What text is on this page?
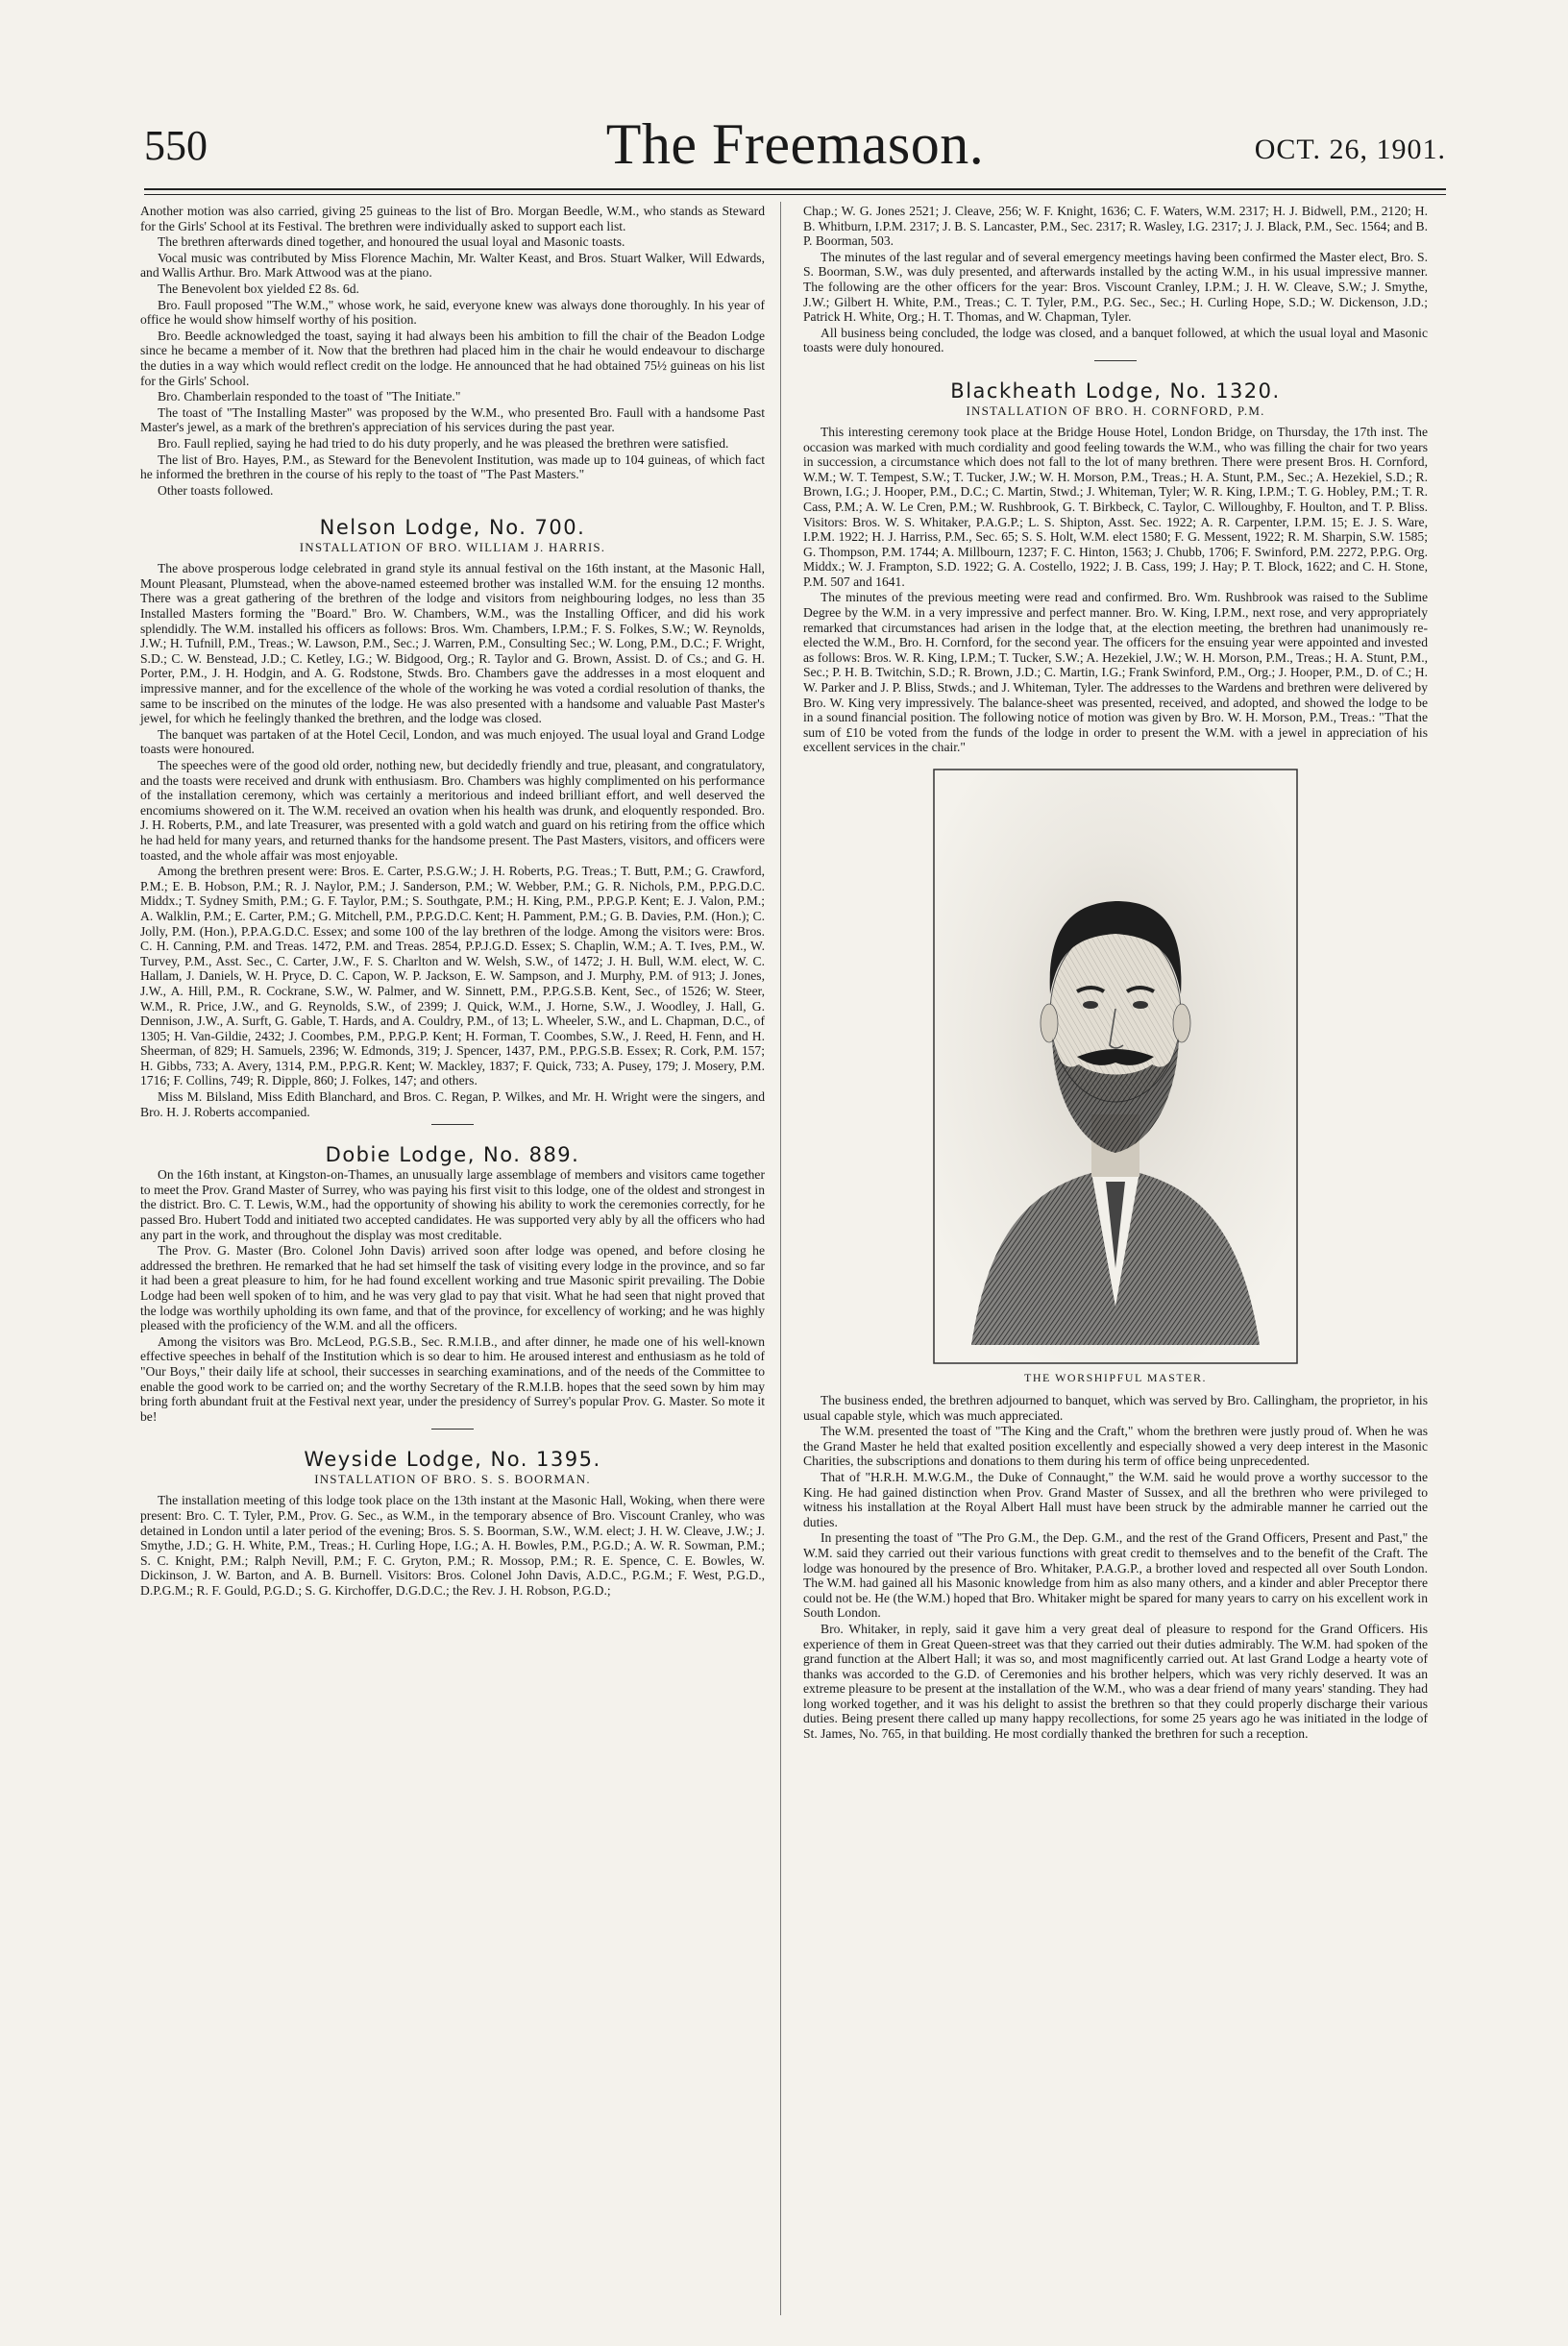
550	The Freemason.	OCT. 26, 1901.

Another motion was also carried, giving 25 guineas to the list of Bro. Morgan Beedle, W.M., who stands as Steward for the Girls' School at its Festival. The brethren were individually asked to support each list.

The brethren afterwards dined together, and honoured the usual loyal and Masonic toasts.

Vocal music was contributed by Miss Florence Machin, Mr. Walter Keast, and Bros. Stuart Walker, Will Edwards, and Wallis Arthur. Bro. Mark Attwood was at the piano.

The Benevolent box yielded £2 8s. 6d.

Bro. Faull proposed "The W.M.," whose work, he said, everyone knew was always done thoroughly. In his year of office he would show himself worthy of his position.

Bro. Beedle acknowledged the toast, saying it had always been his ambition to fill the chair of the Beadon Lodge since he became a member of it. Now that the brethren had placed him in the chair he would endeavour to discharge the duties in a way which would reflect credit on the lodge. He announced that he had obtained 75½ guineas on his list for the Girls' School.

Bro. Chamberlain responded to the toast of "The Initiate."

The toast of "The Installing Master" was proposed by the W.M., who presented Bro. Faull with a handsome Past Master's jewel, as a mark of the brethren's appreciation of his services during the past year.

Bro. Faull replied, saying he had tried to do his duty properly, and he was pleased the brethren were satisfied.

The list of Bro. Hayes, P.M., as Steward for the Benevolent Institution, was made up to 104 guineas, of which fact he informed the brethren in the course of his reply to the toast of "The Past Masters."

Other toasts followed.

Nelson Lodge, No. 700.
INSTALLATION OF BRO. WILLIAM J. HARRIS.

The above prosperous lodge celebrated in grand style its annual festival on the 16th instant, at the Masonic Hall, Mount Pleasant, Plumstead, when the above-named esteemed brother was installed W.M. for the ensuing 12 months. There was a great gathering of the brethren of the lodge and visitors from neighbouring lodges, no less than 35 Installed Masters forming the "Board." Bro. W. Chambers, W.M., was the Installing Officer, and did his work splendidly. The W.M. installed his officers as follows: Bros. Wm. Chambers, I.P.M.; F. S. Folkes, S.W.; W. Reynolds, J.W.; H. Tufnill, P.M., Treas.; W. Lawson, P.M., Sec.; J. Warren, P.M., Consulting Sec.; W. Long, P.M., D.C.; F. Wright, S.D.; C. W. Benstead, J.D.; C. Ketley, I.G.; W. Bidgood, Org.; R. Taylor and G. Brown, Assist. D. of Cs.; and G. H. Porter, P.M., J. H. Hodgin, and A. G. Rodstone, Stwds. Bro. Chambers gave the addresses in a most eloquent and impressive manner, and for the excellence of the whole of the working he was voted a cordial resolution of thanks, the same to be inscribed on the minutes of the lodge. He was also presented with a handsome and valuable Past Master's jewel, for which he feelingly thanked the brethren, and the lodge was closed.

The banquet was partaken of at the Hotel Cecil, London, and was much enjoyed. The usual loyal and Grand Lodge toasts were honoured.

The speeches were of the good old order, nothing new, but decidedly friendly and true, pleasant, and congratulatory, and the toasts were received and drunk with enthusiasm. Bro. Chambers was highly complimented on his performance of the installation ceremony, which was certainly a meritorious and indeed brilliant effort, and well deserved the encomiums showered on it. The W.M. received an ovation when his health was drunk, and eloquently responded. Bro. J. H. Roberts, P.M., and late Treasurer, was presented with a gold watch and guard on his retiring from the office which he had held for many years, and returned thanks for the handsome present. The Past Masters, visitors, and officers were toasted, and the whole affair was most enjoyable.

Among the brethren present were: Bros. E. Carter, P.S.G.W.; J. H. Roberts, P.G. Treas.; T. Butt, P.M.; G. Crawford, P.M.; E. B. Hobson, P.M.; R. J. Naylor, P.M.; J. Sanderson, P.M.; W. Webber, P.M.; G. R. Nichols, P.M., P.P.G.D.C. Middx.; T. Sydney Smith, P.M.; G. F. Taylor, P.M.; S. Southgate, P.M.; H. King, P.M., P.P.G.P. Kent; E. J. Valon, P.M.; A. Walklin, P.M.; E. Carter, P.M.; G. Mitchell, P.M., P.P.G.D.C. Kent; H. Pamment, P.M.; G. B. Davies, P.M. (Hon.); C. Jolly, P.M. (Hon.), P.P.A.G.D.C. Essex; and some 100 of the lay brethren of the lodge. Among the visitors were: Bros. C. H. Canning, P.M. and Treas. 1472, P.M. and Treas. 2854, P.P.J.G.D. Essex; S. Chaplin, W.M.; A. T. Ives, P.M., W. Turvey, P.M., Asst. Sec., C. Carter, J.W., F. S. Charlton and W. Welsh, S.W., of 1472; J. H. Bull, W.M. elect, W. C. Hallam, J. Daniels, W. H. Pryce, D. C. Capon, W. P. Jackson, E. W. Sampson, and J. Murphy, P.M. of 913; J. Jones, J.W., A. Hill, P.M., R. Cockrane, S.W., W. Palmer, and W. Sinnett, P.M., P.P.G.S.B. Kent, Sec., of 1526; W. Steer, W.M., R. Price, J.W., and G. Reynolds, S.W., of 2399; J. Quick, W.M., J. Horne, S.W., J. Woodley, J. Hall, G. Dennison, J.W., A. Surft, G. Gable, T. Hards, and A. Couldry, P.M., of 13; L. Wheeler, S.W., and L. Chapman, D.C., of 1305; H. Van-Gildie, 2432; J. Coombes, P.M., P.P.G.P. Kent; H. Forman, T. Coombes, S.W., J. Reed, H. Fenn, and H. Sheerman, of 829; H. Samuels, 2396; W. Edmonds, 319; J. Spencer, 1437, P.M., P.P.G.S.B. Essex; R. Cork, P.M. 157; H. Gibbs, 733; A. Avery, 1314, P.M., P.P.G.R. Kent; W. Mackley, 1837; F. Quick, 733; A. Pusey, 179; J. Mosery, P.M. 1716; F. Collins, 749; R. Dipple, 860; J. Folkes, 147; and others.

Miss M. Bilsland, Miss Edith Blanchard, and Bros. C. Regan, P. Wilkes, and Mr. H. Wright were the singers, and Bro. H. J. Roberts accompanied.

Dobie Lodge, No. 889.

On the 16th instant, at Kingston-on-Thames, an unusually large assemblage of members and visitors came together to meet the Prov. Grand Master of Surrey, who was paying his first visit to this lodge, one of the oldest and strongest in the district. Bro. C. T. Lewis, W.M., had the opportunity of showing his ability to work the ceremonies correctly, for he passed Bro. Hubert Todd and initiated two accepted candidates. He was supported very ably by all the officers who had any part in the work, and throughout the display was most creditable.

The Prov. G. Master (Bro. Colonel John Davis) arrived soon after lodge was opened, and before closing he addressed the brethren. He remarked that he had set himself the task of visiting every lodge in the province, and so far it had been a great pleasure to him, for he had found excellent working and true Masonic spirit prevailing. The Dobie Lodge had been well spoken of to him, and he was very glad to pay that visit. What he had seen that night proved that the lodge was worthily upholding its own fame, and that of the province, for excellency of working; and he was highly pleased with the proficiency of the W.M. and all the officers.

Among the visitors was Bro. McLeod, P.G.S.B., Sec. R.M.I.B., and after dinner, he made one of his well-known effective speeches in behalf of the Institution which is so dear to him. He aroused interest and enthusiasm as he told of "Our Boys," their daily life at school, their successes in searching examinations, and of the needs of the Committee to enable the good work to be carried on; and the worthy Secretary of the R.M.I.B. hopes that the seed sown by him may bring forth abundant fruit at the Festival next year, under the presidency of Surrey's popular Prov. G. Master. So mote it be!

Weyside Lodge, No. 1395.
INSTALLATION OF BRO. S. S. BOORMAN.

The installation meeting of this lodge took place on the 13th instant at the Masonic Hall, Woking, when there were present: Bro. C. T. Tyler, P.M., Prov. G. Sec., as W.M., in the temporary absence of Bro. Viscount Cranley, who was detained in London until a later period of the evening; Bros. S. S. Boorman, S.W., W.M. elect; J. H. W. Cleave, J.W.; J. Smythe, J.D.; G. H. White, P.M., Treas.; H. Curling Hope, I.G.; A. H. Bowles, P.M., P.G.D.; A. W. R. Sowman, P.M.; S. C. Knight, P.M.; Ralph Nevill, P.M.; F. C. Gryton, P.M.; R. Mossop, P.M.; R. E. Spence, C. E. Bowles, W. Dickinson, J. W. Barton, and A. B. Burnell. Visitors: Bros. Colonel John Davis, A.D.C., P.G.M.; F. West, P.G.D., D.P.G.M.; R. F. Gould, P.G.D.; S. G. Kirchoffer, D.G.D.C.; the Rev. J. H. Robson, P.G.D.;

Chap.; W. G. Jones 2521; J. Cleave, 256; W. F. Knight, 1636; C. F. Waters, W.M. 2317; H. J. Bidwell, P.M., 2120; H. B. Whitburn, I.P.M. 2317; J. B. S. Lancaster, P.M., Sec. 2317; R. Wasley, I.G. 2317; J. J. Black, P.M., Sec. 1564; and B. P. Boorman, 503.

The minutes of the last regular and of several emergency meetings having been confirmed the Master elect, Bro. S. S. Boorman, S.W., was duly presented, and afterwards installed by the acting W.M., in his usual impressive manner. The following are the other officers for the year: Bros. Viscount Cranley, I.P.M.; J. H. W. Cleave, S.W.; J. Smythe, J.W.; Gilbert H. White, P.M., Treas.; C. T. Tyler, P.M., P.G. Sec., Sec.; H. Curling Hope, S.D.; W. Dickenson, J.D.; Patrick H. White, Org.; H. T. Thomas, and W. Chapman, Tyler.

All business being concluded, the lodge was closed, and a banquet followed, at which the usual loyal and Masonic toasts were duly honoured.

Blackheath Lodge, No. 1320.
INSTALLATION OF BRO. H. CORNFORD, P.M.

This interesting ceremony took place at the Bridge House Hotel, London Bridge, on Thursday, the 17th inst. The occasion was marked with much cordiality and good feeling towards the W.M., who was filling the chair for two years in succession, a circumstance which does not fall to the lot of many brethren. There were present Bros. H. Cornford, W.M.; W. T. Tempest, S.W.; T. Tucker, J.W.; W. H. Morson, P.M., Treas.; H. A. Stunt, P.M., Sec.; A. Hezekiel, S.D.; R. Brown, I.G.; J. Hooper, P.M., D.C.; C. Martin, Stwd.; J. Whiteman, Tyler; W. R. King, I.P.M.; T. G. Hobley, P.M.; T. R. Cass, P.M.; A. W. Le Cren, P.M.; W. Rushbrook, G. T. Birkbeck, C. Taylor, C. Willoughby, F. Houlton, and T. P. Bliss. Visitors: Bros. W. S. Whitaker, P.A.G.P.; L. S. Shipton, Asst. Sec. 1922; A. R. Carpenter, I.P.M. 15; E. J. S. Ware, I.P.M. 1922; H. J. Harriss, P.M., Sec. 65; S. S. Holt, W.M. elect 1580; F. G. Messent, 1922; R. M. Sharpin, S.W. 1585; G. Thompson, P.M. 1744; A. Millbourn, 1237; F. C. Hinton, 1563; J. Chubb, 1706; F. Swinford, P.M. 2272, P.P.G. Org. Middx.; W. J. Frampton, S.D. 1922; G. A. Costello, 1922; J. B. Cass, 199; J. Hay; P. T. Block, 1622; and C. H. Stone, P.M. 507 and 1641.

The minutes of the previous meeting were read and confirmed. Bro. Wm. Rushbrook was raised to the Sublime Degree by the W.M. in a very impressive and perfect manner. Bro. W. King, I.P.M., next rose, and very appropriately remarked that circumstances had arisen in the lodge that, at the election meeting, the brethren had unanimously re-elected the W.M., Bro. H. Cornford, for the second year. The officers for the ensuing year were appointed and invested as follows: Bros. W. R. King, I.P.M.; T. Tucker, S.W.; A. Hezekiel, J.W.; W. H. Morson, P.M., Treas.; H. A. Stunt, P.M., Sec.; P. H. B. Twitchin, S.D.; R. Brown, J.D.; C. Martin, I.G.; Frank Swinford, P.M., Org.; J. Hooper, P.M., D. of C.; H. W. Parker and J. P. Bliss, Stwds.; and J. Whiteman, Tyler. The addresses to the Wardens and brethren were delivered by Bro. W. King very impressively. The balance-sheet was presented, received, and adopted, and showed the lodge to be in a sound financial position. The following notice of motion was given by Bro. W. H. Morson, P.M., Treas.: "That the sum of £10 be voted from the funds of the lodge in order to present the W.M. with a jewel in appreciation of his excellent services in the chair."

THE WORSHIPFUL MASTER.

The business ended, the brethren adjourned to banquet, which was served by Bro. Callingham, the proprietor, in his usual capable style, which was much appreciated.

The W.M. presented the toast of "The King and the Craft," whom the brethren were justly proud of. When he was the Grand Master he held that exalted position excellently and especially showed a very deep interest in the Masonic Charities, the subscriptions and donations to them during his term of office being unprecedented.

That of "H.R.H. M.W.G.M., the Duke of Connaught," the W.M. said he would prove a worthy successor to the King. He had gained distinction when Prov. Grand Master of Sussex, and all the brethren who were privileged to witness his installation at the Royal Albert Hall must have been struck by the admirable manner he carried out the duties.

In presenting the toast of "The Pro G.M., the Dep. G.M., and the rest of the Grand Officers, Present and Past," the W.M. said they carried out their various functions with great credit to themselves and to the benefit of the Craft. The lodge was honoured by the presence of Bro. Whitaker, P.A.G.P., a brother loved and respected all over South London. The W.M. had gained all his Masonic knowledge from him as also many others, and a kinder and abler Preceptor there could not be. He (the W.M.) hoped that Bro. Whitaker might be spared for many years to carry on his excellent work in South London.

Bro. Whitaker, in reply, said it gave him a very great deal of pleasure to respond for the Grand Officers. His experience of them in Great Queen-street was that they carried out their duties admirably. The W.M. had spoken of the grand function at the Albert Hall; it was so, and most magnificently carried out. At last Grand Lodge a hearty vote of thanks was accorded to the G.D. of Ceremonies and his brother helpers, which was very richly deserved. It was an extreme pleasure to be present at the installation of the W.M., who was a dear friend of many years' standing. They had long worked together, and it was his delight to assist the brethren so that they could properly discharge their various duties. Being present there called up many happy recollections, for some 25 years ago he was initiated in the lodge of St. James, No. 765, in that building. He most cordially thanked the brethren for such a reception.
